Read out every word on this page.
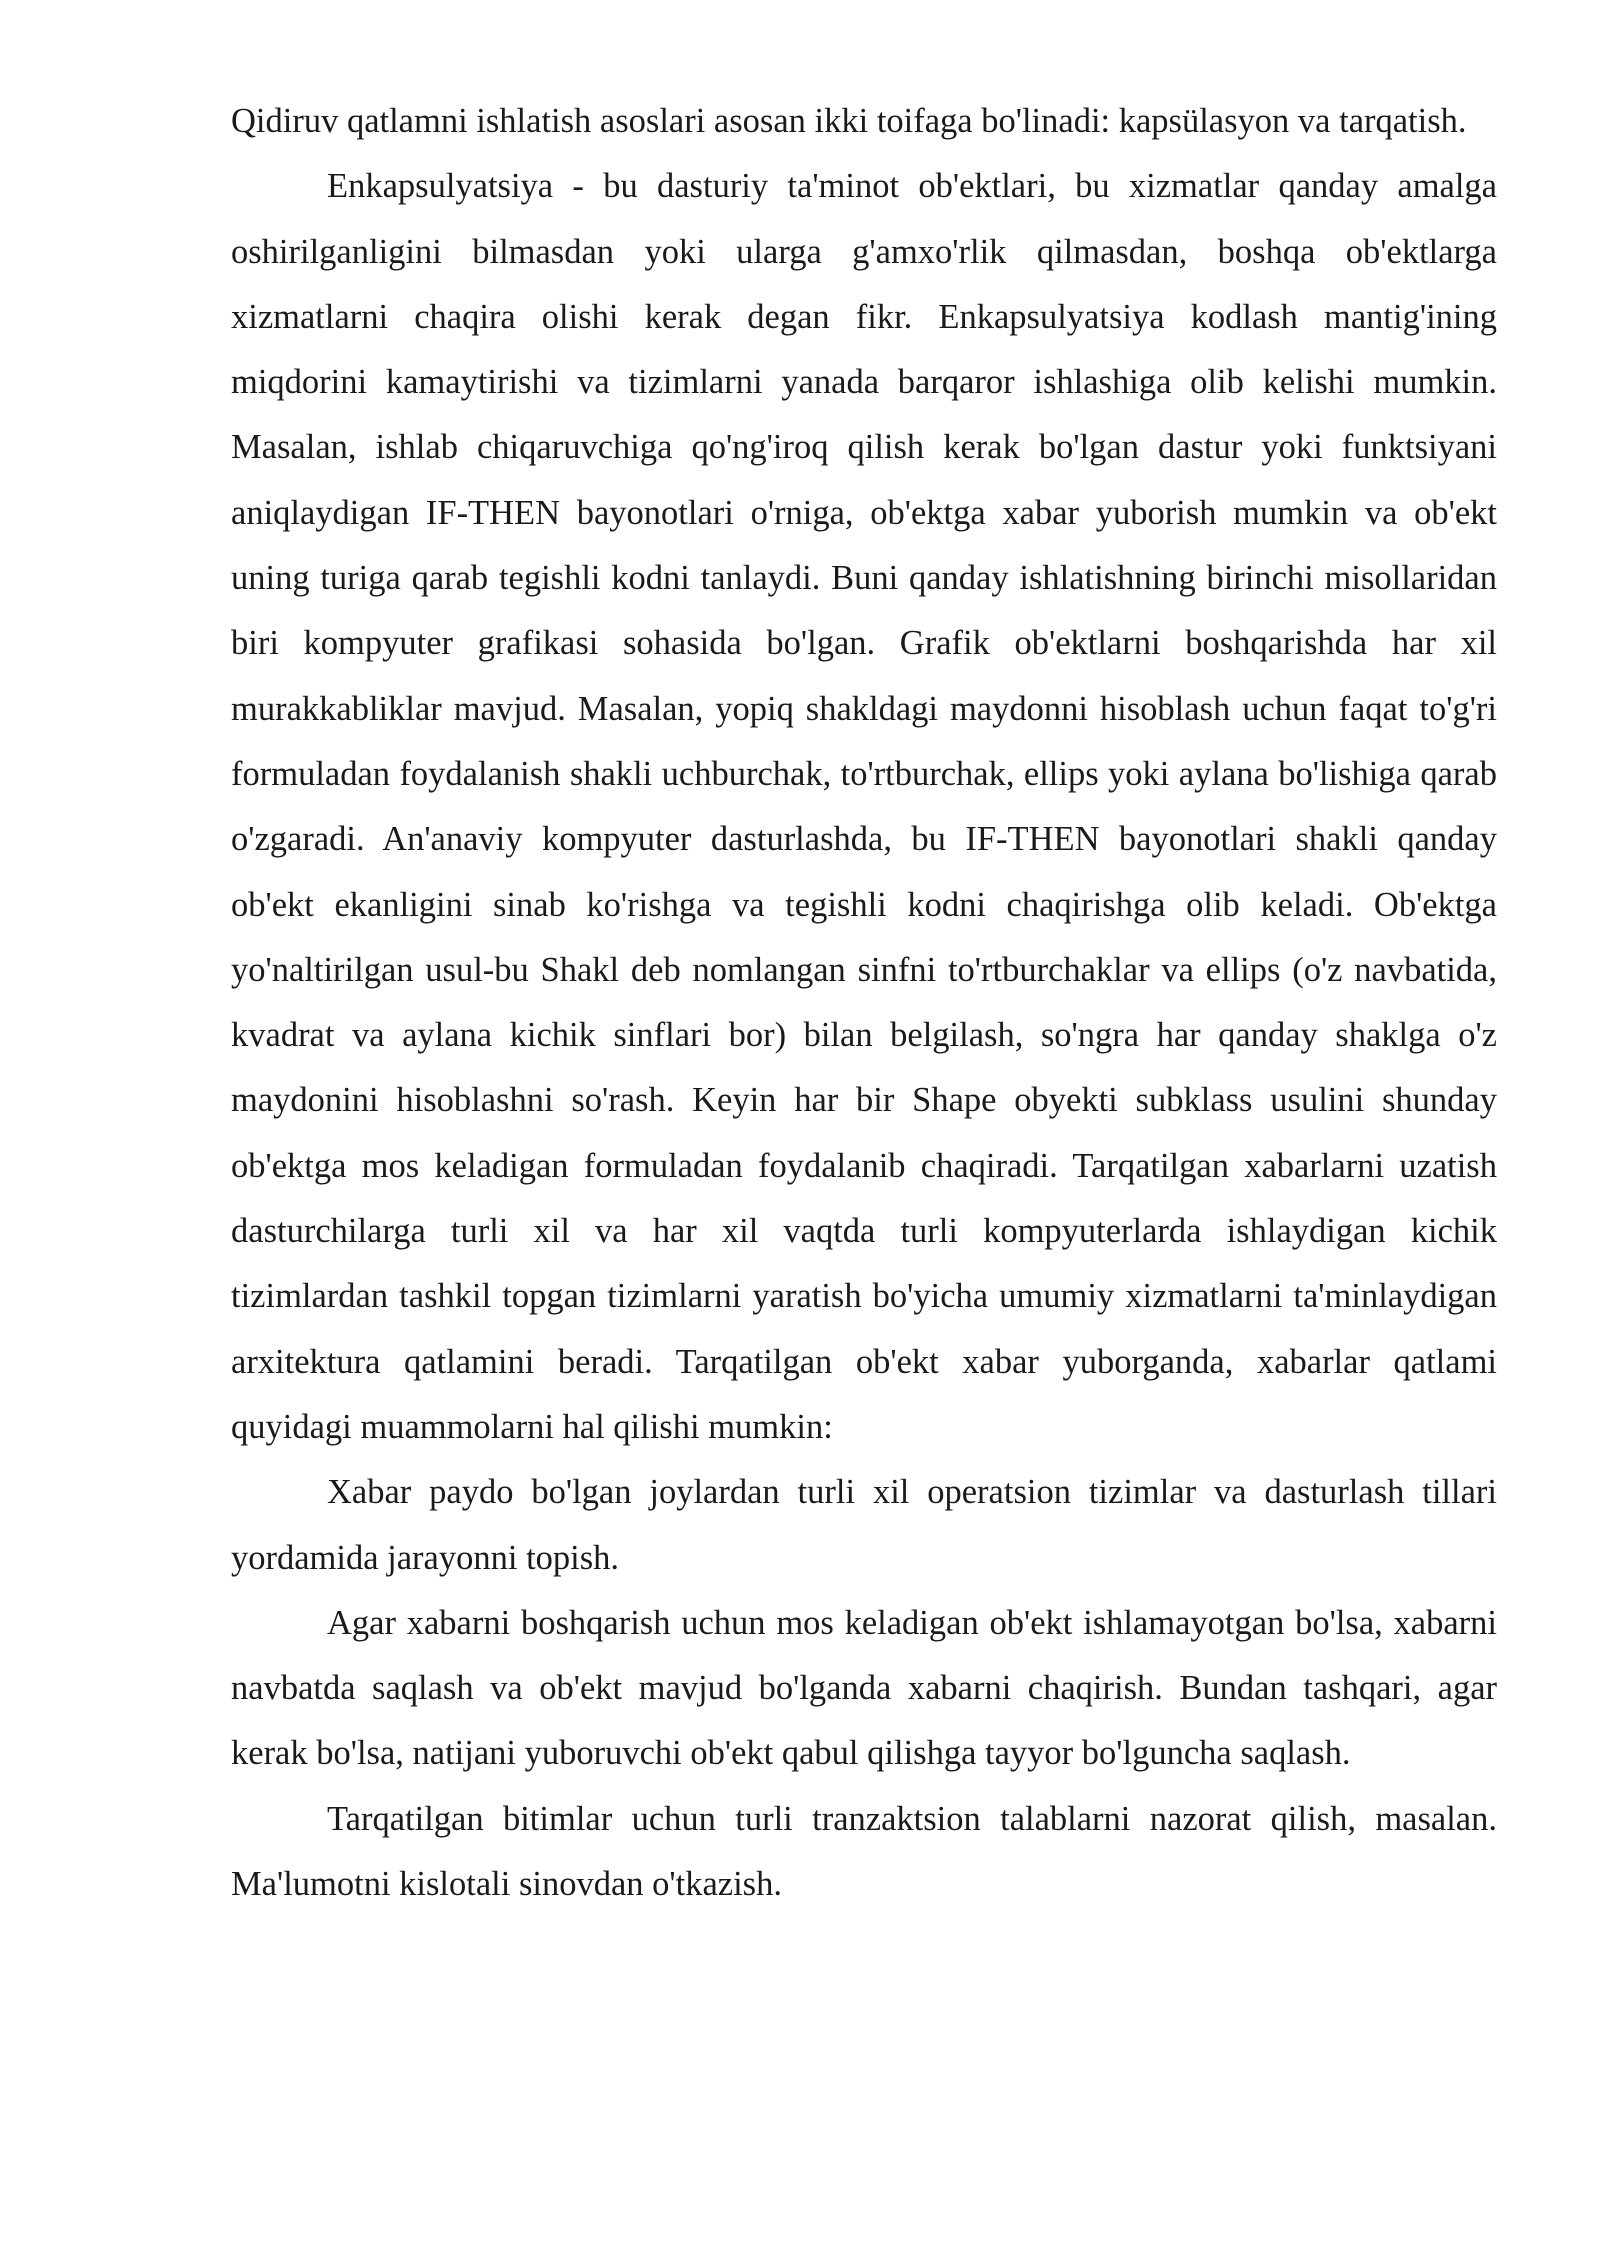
Qidiruv qatlamni ishlatish asoslari asosan ikki toifaga bo'linadi: kapsülasyon va tarqatish.

Enkapsulyatsiya - bu dasturiy ta'minot ob'ektlari, bu xizmatlar qanday amalga oshirilganligini bilmasdan yoki ularga g'amxo'rlik qilmasdan, boshqa ob'ektlarga xizmatlarni chaqira olishi kerak degan fikr. Enkapsulyatsiya kodlash mantig'ining miqdorini kamaytirishi va tizimlarni yanada barqaror ishlashiga olib kelishi mumkin. Masalan, ishlab chiqaruvchiga qo'ng'iroq qilish kerak bo'lgan dastur yoki funktsiyani aniqlaydigan IF-THEN bayonotlari o'rniga, ob'ektga xabar yuborish mumkin va ob'ekt uning turiga qarab tegishli kodni tanlaydi. Buni qanday ishlatishning birinchi misollaridan biri kompyuter grafikasi sohasida bo'lgan. Grafik ob'ektlarni boshqarishda har xil murakkabliklar mavjud. Masalan, yopiq shakldagi maydonni hisoblash uchun faqat to'g'ri formuladan foydalanish shakli uchburchak, to'rtburchak, ellips yoki aylana bo'lishiga qarab o'zgaradi. An'anaviy kompyuter dasturlashda, bu IF-THEN bayonotlari shakli qanday ob'ekt ekanligini sinab ko'rishga va tegishli kodni chaqirishga olib keladi. Ob'ektga yo'naltirilgan usul-bu Shakl deb nomlangan sinfni to'rtburchaklar va ellips (o'z navbatida, kvadrat va aylana kichik sinflari bor) bilan belgilash, so'ngra har qanday shaklga o'z maydonini hisoblashni so'rash. Keyin har bir Shape obyekti subklass usulini shunday ob'ektga mos keladigan formuladan foydalanib chaqiradi. Tarqatilgan xabarlarni uzatish dasturchilarga turli xil va har xil vaqtda turli kompyuterlarda ishlaydigan kichik tizimlardan tashkil topgan tizimlarni yaratish bo'yicha umumiy xizmatlarni ta'minlaydigan arxitektura qatlamini beradi. Tarqatilgan ob'ekt xabar yuborganda, xabarlar qatlami quyidagi muammolarni hal qilishi mumkin:

Xabar paydo bo'lgan joylardan turli xil operatsion tizimlar va dasturlash tillari yordamida jarayonni topish.

Agar xabarni boshqarish uchun mos keladigan ob'ekt ishlamayotgan bo'lsa, xabarni navbatda saqlash va ob'ekt mavjud bo'lganda xabarni chaqirish. Bundan tashqari, agar kerak bo'lsa, natijani yuboruvchi ob'ekt qabul qilishga tayyor bo'lguncha saqlash.

Tarqatilgan bitimlar uchun turli tranzaktsion talablarni nazorat qilish, masalan. Ma'lumotni kislotali sinovdan o'tkazish.
